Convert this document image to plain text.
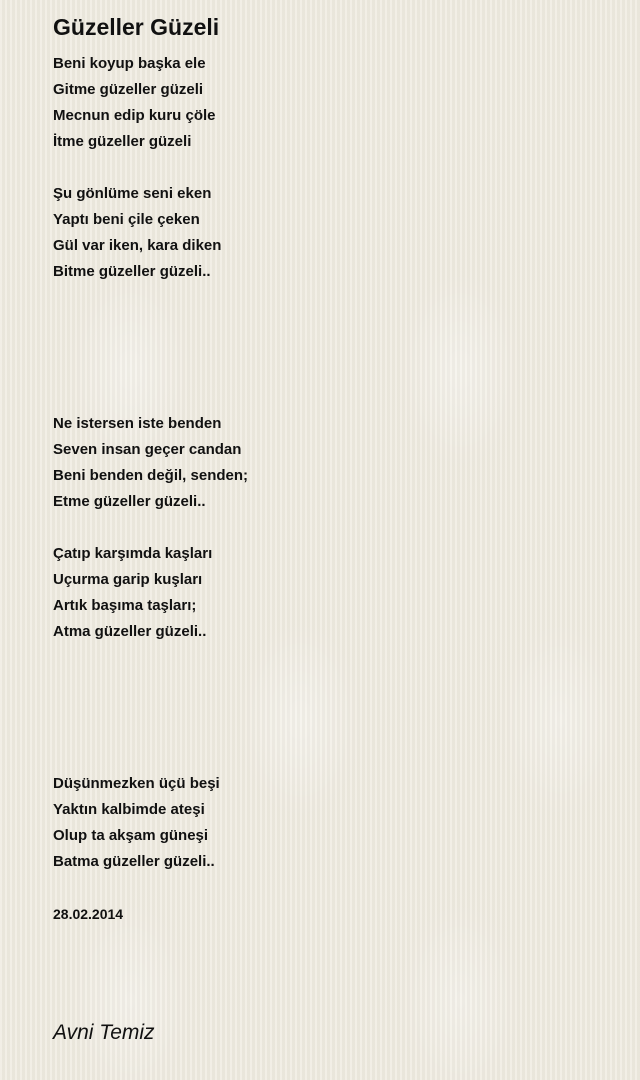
Güzeller Güzeli
Beni koyup başka ele
Gitme güzeller güzeli
Mecnun edip kuru çöle
İtme güzeller güzeli
Şu gönlüme seni eken
Yaptı beni çile çeken
Gül var iken, kara diken
Bitme güzeller güzeli..
Ne istersen iste benden
Seven insan geçer candan
Beni benden değil, senden;
Etme güzeller güzeli..
Çatıp karşımda kaşları
Uçurma garip kuşları
Artık başıma taşları;
Atma güzeller güzeli..
Düşünmezken üçü beşi
Yaktın kalbimde ateşi
Olup ta akşam güneşi
Batma güzeller güzeli..
28.02.2014
Avni Temiz
